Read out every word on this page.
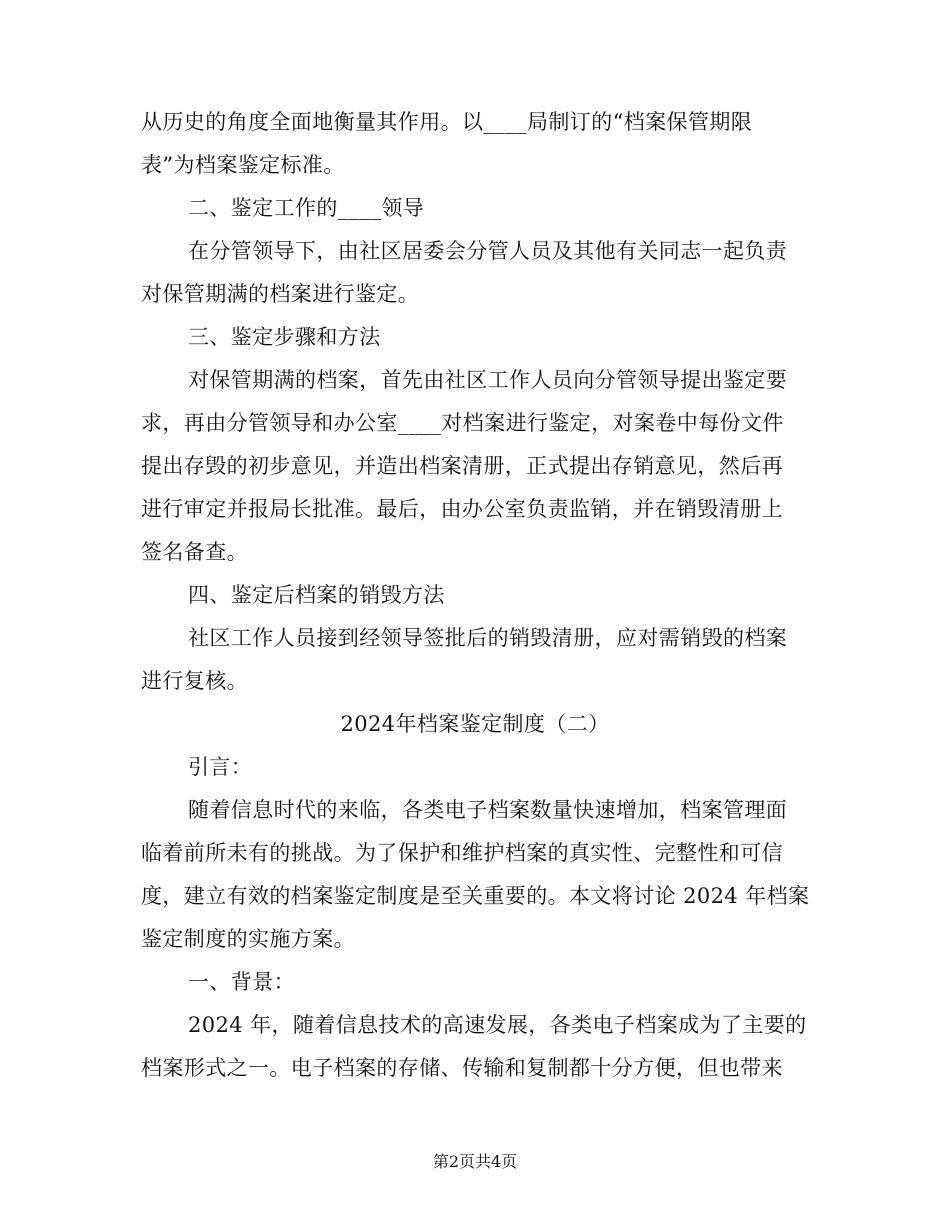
从历史的角度全面地衡量其作用。以____局制订的“档案保管期限
表”为档案鉴定标准。
二、鉴定工作的____领导
在分管领导下，由社区居委会分管人员及其他有关同志一起负责
对保管期满的档案进行鉴定。
三、鉴定步骤和方法
对保管期满的档案，首先由社区工作人员向分管领导提出鉴定要
求，再由分管领导和办公室____对档案进行鉴定，对案卷中每份文件
提出存毁的初步意见，并造出档案清册，正式提出存销意见，然后再
进行审定并报局长批准。最后，由办公室负责监销，并在销毁清册上
签名备查。
四、鉴定后档案的销毁方法
社区工作人员接到经领导签批后的销毁清册，应对需销毁的档案
进行复核。
2024年档案鉴定制度（二）
引言：
随着信息时代的来临，各类电子档案数量快速增加，档案管理面
临着前所未有的挑战。为了保护和维护档案的真实性、完整性和可信
度，建立有效的档案鉴定制度是至关重要的。本文将讨论 2024 年档案
鉴定制度的实施方案。
一、背景：
2024 年，随着信息技术的高速发展，各类电子档案成为了主要的
档案形式之一。电子档案的存储、传输和复制都十分方便，但也带来
第2页共4页
